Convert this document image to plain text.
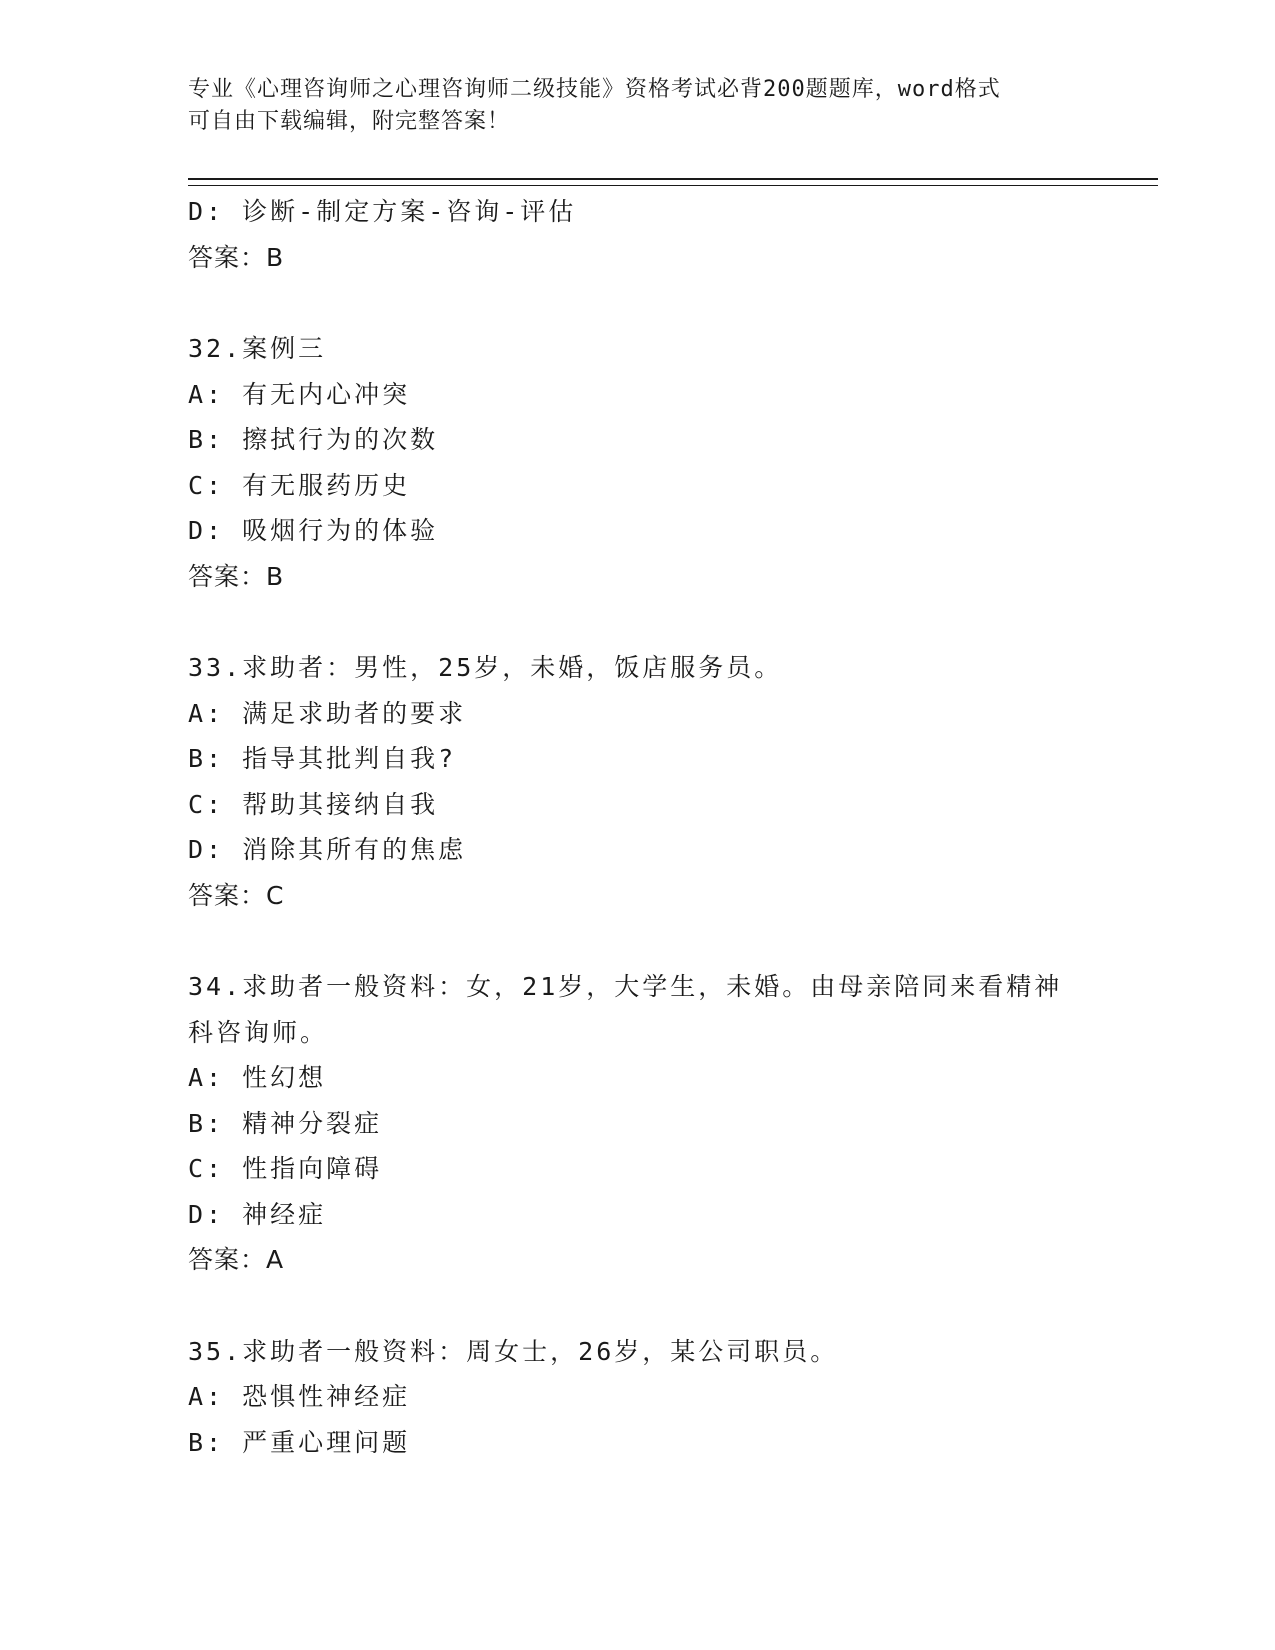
专业《心理咨询师之心理咨询师二级技能》资格考试必背200题题库，word格式
可自由下载编辑，附完整答案！
D: 诊断-制定方案-咨询-评估
答案：B
32.案例三
A: 有无内心冲突
B: 擦拭行为的次数
C: 有无服药历史
D: 吸烟行为的体验
答案：B
33.求助者：男性，25岁，未婚，饭店服务员。
A: 满足求助者的要求
B: 指导其批判自我?
C: 帮助其接纳自我
D: 消除其所有的焦虑
答案：C
34.求助者一般资料：女，21岁，大学生，未婚。由母亲陪同来看精神
科咨询师。
A: 性幻想
B: 精神分裂症
C: 性指向障碍
D: 神经症
答案：A
35.求助者一般资料：周女士，26岁，某公司职员。
A: 恐惧性神经症
B: 严重心理问题
